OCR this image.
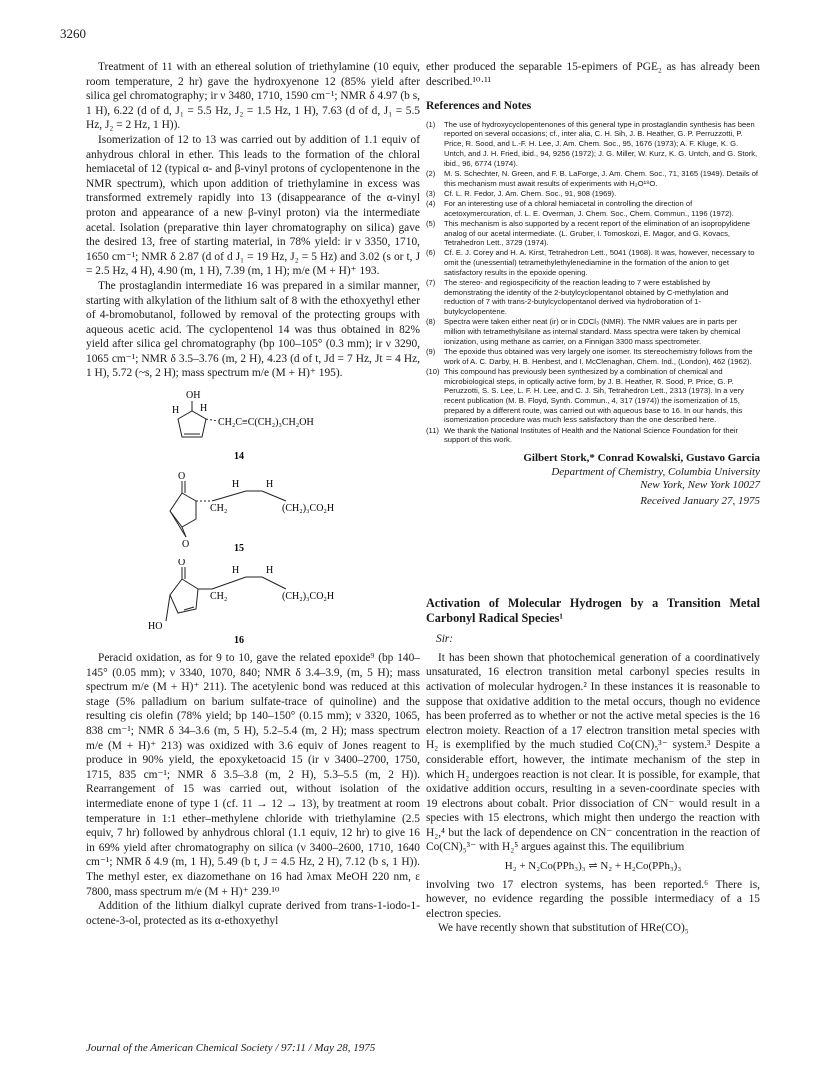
3260

Treatment of 11 with an ethereal solution of triethylamine (10 equiv, room temperature, 2 hr) gave the hydroxyenone 12 (85% yield after silica gel chromatography; ir ν 3480, 1710, 1590 cm⁻¹; NMR δ 4.97 (b s, 1 H), 6.22 (d of d, J₁ = 5.5 Hz, J₂ = 1.5 Hz, 1 H), 7.63 (d of d, J₁ = 5.5 Hz, J₂ = 2 Hz, 1 H)).

Isomerization of 12 to 13 was carried out by addition of 1.1 equiv of anhydrous chloral in ether. This leads to the formation of the chloral hemiacetal of 12 (typical α- and β-vinyl protons of cyclopentenone in the NMR spectrum), which upon addition of triethylamine in excess was transformed extremely rapidly into 13 (disappearance of the α-vinyl proton and appearance of a new β-vinyl proton) via the intermediate acetal. Isolation (preparative thin layer chromatography on silica) gave the desired 13, free of starting material, in 78% yield: ir ν 3350, 1710, 1650 cm⁻¹; NMR δ 2.87 (d of d J₁ = 19 Hz, J₂ = 5 Hz) and 3.02 (s or t, J = 2.5 Hz, 4 H), 4.90 (m, 1 H), 7.39 (m, 1 H); m/e (M + H)⁺ 193.

The prostaglandin intermediate 16 was prepared in a similar manner, starting with alkylation of the lithium salt of 8 with the ethoxyethyl ether of 4-bromobutanol, followed by removal of the protecting groups with aqueous acetic acid. The cyclopentenol 14 was thus obtained in 82% yield after silica gel chromatography (bp 100–105° (0.3 mm); ir ν 3290, 1065 cm⁻¹; NMR δ 3.5–3.76 (m, 2 H), 4.23 (d of t, Jd = 7 Hz, Jt = 4 Hz, 1 H), 5.72 (~s, 2 H); mass spectrum m/e (M + H)⁺ 195).

OH
H H
CH₂C≡C(CH₂)₃CH₂OH
14
O
H	H
CH₂	(CH₂)₃CO₂H
O	15
O
H	H
CH₂	(CH₂)₃CO₂H
HO
16

Peracid oxidation, as for 9 to 10, gave the related epoxide⁹ (bp 140–145° (0.05 mm); ν 3340, 1070, 840; NMR δ 3.4–3.9, (m, 5 H); mass spectrum m/e (M + H)⁺ 211). The acetylenic bond was reduced at this stage (5% palladium on barium sulfate-trace of quinoline) and the resulting cis olefin (78% yield; bp 140–150° (0.15 mm); ν 3320, 1065, 838 cm⁻¹; NMR δ 34–3.6 (m, 5 H), 5.2–5.4 (m, 2 H); mass spectrum m/e (M + H)⁺ 213) was oxidized with 3.6 equiv of Jones reagent to produce in 90% yield, the epoxyketoacid 15 (ir ν 3400–2700, 1750, 1715, 835 cm⁻¹; NMR δ 3.5–3.8 (m, 2 H), 5.3–5.5 (m, 2 H)). Rearrangement of 15 was carried out, without isolation of the intermediate enone of type 1 (cf. 11 → 12 → 13), by treatment at room temperature in 1:1 ether–methylene chloride with triethylamine (2.5 equiv, 7 hr) followed by anhydrous chloral (1.1 equiv, 12 hr) to give 16 in 69% yield after chromatography on silica (ν 3400–2600, 1710, 1640 cm⁻¹; NMR δ 4.9 (m, 1 H), 5.49 (b t, J = 4.5 Hz, 2 H), 7.12 (b s, 1 H)). The methyl ester, ex diazomethane on 16 had λmax MeOH 220 nm, ε 7800, mass spectrum m/e (M + H)⁺ 239.¹⁰

Addition of the lithium dialkyl cuprate derived from trans-1-iodo-1-octene-3-ol, protected as its α-ethoxyethyl

ether produced the separable 15-epimers of PGE₂ as has already been described.¹⁰·¹¹

References and Notes
(1)	The use of hydroxycyclopentenones of this general type in prostaglandin synthesis has been reported on several occasions; cf., inter alia, C. H. Sih, J. B. Heather, G. P. Perruzzotti, P. Price, R. Sood, and L.-F. H. Lee, J. Am. Chem. Soc., 95, 1676 (1973); A. F. Kluge, K. G. Untch, and J. H. Fried, ibid., 94, 9256 (1972); J. G. Miller, W. Kurz, K. G. Untch, and G. Stork, ibid., 96, 6774 (1974).
(2)	M. S. Schechter, N. Green, and F. B. LaForge, J. Am. Chem. Soc., 71, 3165 (1949). Details of this mechanism must await results of experiments with H₂O¹⁸O.
(3)	Cf. L. R. Fedor, J. Am. Chem. Soc., 91, 908 (1969).
(4)	For an interesting use of a chloral hemiacetal in controlling the direction of acetoxymercuration, cf. L. E. Overman, J. Chem. Soc., Chem. Commun., 1196 (1972).
(5)	This mechanism is also supported by a recent report of the elimination of an isopropylidene analog of our acetal intermediate. (L. Gruber, I. Tomoskozi, E. Magor, and G. Kovacs, Tetrahedron Lett., 3729 (1974).
(6)	Cf. E. J. Corey and H. A. Kirst, Tetrahedron Lett., 5041 (1968). It was, however, necessary to omit the (unessential) tetramethylethylenediamine in the formation of the anion to get satisfactory results in the epoxide opening.
(7)	The stereo- and regiospecificity of the reaction leading to 7 were established by demonstrating the identity of the 2-butylcyclopentanol obtained by C-methylation and reduction of 7 with trans-2-butylcyclopentanol derived via hydroboration of 1-butylcyclopentene.
(8)	Spectra were taken either neat (ir) or in CDCl₃ (NMR). The NMR values are in parts per million with tetramethylsilane as internal standard. Mass spectra were taken by chemical ionization, using methane as carrier, on a Finnigan 3300 mass spectrometer.
(9)	The epoxide thus obtained was very largely one isomer. Its stereochemistry follows from the work of A. C. Darby, H. B. Henbest, and I. McClenaghan, Chem. Ind., (London), 462 (1962).
(10) This compound has previously been synthesized by a combination of chemical and microbiological steps, in optically active form, by J. B. Heather, R. Sood, P. Price, G. P. Peruzzotti, S. S. Lee, L. F. H. Lee, and C. J. Sih, Tetrahedron Lett., 2313 (1973). In a very recent publication (M. B. Floyd, Synth. Commun., 4, 317 (1974)) the isomerization of 15, prepared by a different route, was carried out with aqueous base to 16. In our hands, this isomerization procedure was much less satisfactory than the one described here.
(11) We thank the National Institutes of Health and the National Science Foundation for their support of this work.
Gilbert Stork,* Conrad Kowalski, Gustavo Garcia
Department of Chemistry, Columbia University
New York, New York 10027
Received January 27, 1975
Activation of Molecular Hydrogen by a Transition Metal Carbonyl Radical Species¹
Sir:

It has been shown that photochemical generation of a coordinatively unsaturated, 16 electron transition metal carbonyl species results in activation of molecular hydrogen.² In these instances it is reasonable to suppose that oxidative addition to the metal occurs, though no evidence has been proferred as to whether or not the active metal species is the 16 electron moiety. Reaction of a 17 electron transition metal species with H₂ is exemplified by the much studied Co(CN)₅³⁻ system.³ Despite a considerable effort, however, the intimate mechanism of the step in which H₂ undergoes reaction is not clear. It is possible, for example, that oxidative addition occurs, resulting in a seven-coordinate species with 19 electrons about cobalt. Prior dissociation of CN⁻ would result in a species with 15 electrons, which might then undergo the reaction with H₂,⁴ but the lack of dependence on CN⁻ concentration in the reaction of Co(CN)₅³⁻ with H₂⁵ argues against this. The equilibrium

H₂ + N₂Co(PPh₃)₃ ⇌ N₂ + H₂Co(PPh₃)₃

involving two 17 electron systems, has been reported.⁶ There is, however, no evidence regarding the possible intermediacy of a 15 electron species.

We have recently shown that substitution of HRe(CO)₅

Journal of the American Chemical Society / 97:11 / May 28, 1975
